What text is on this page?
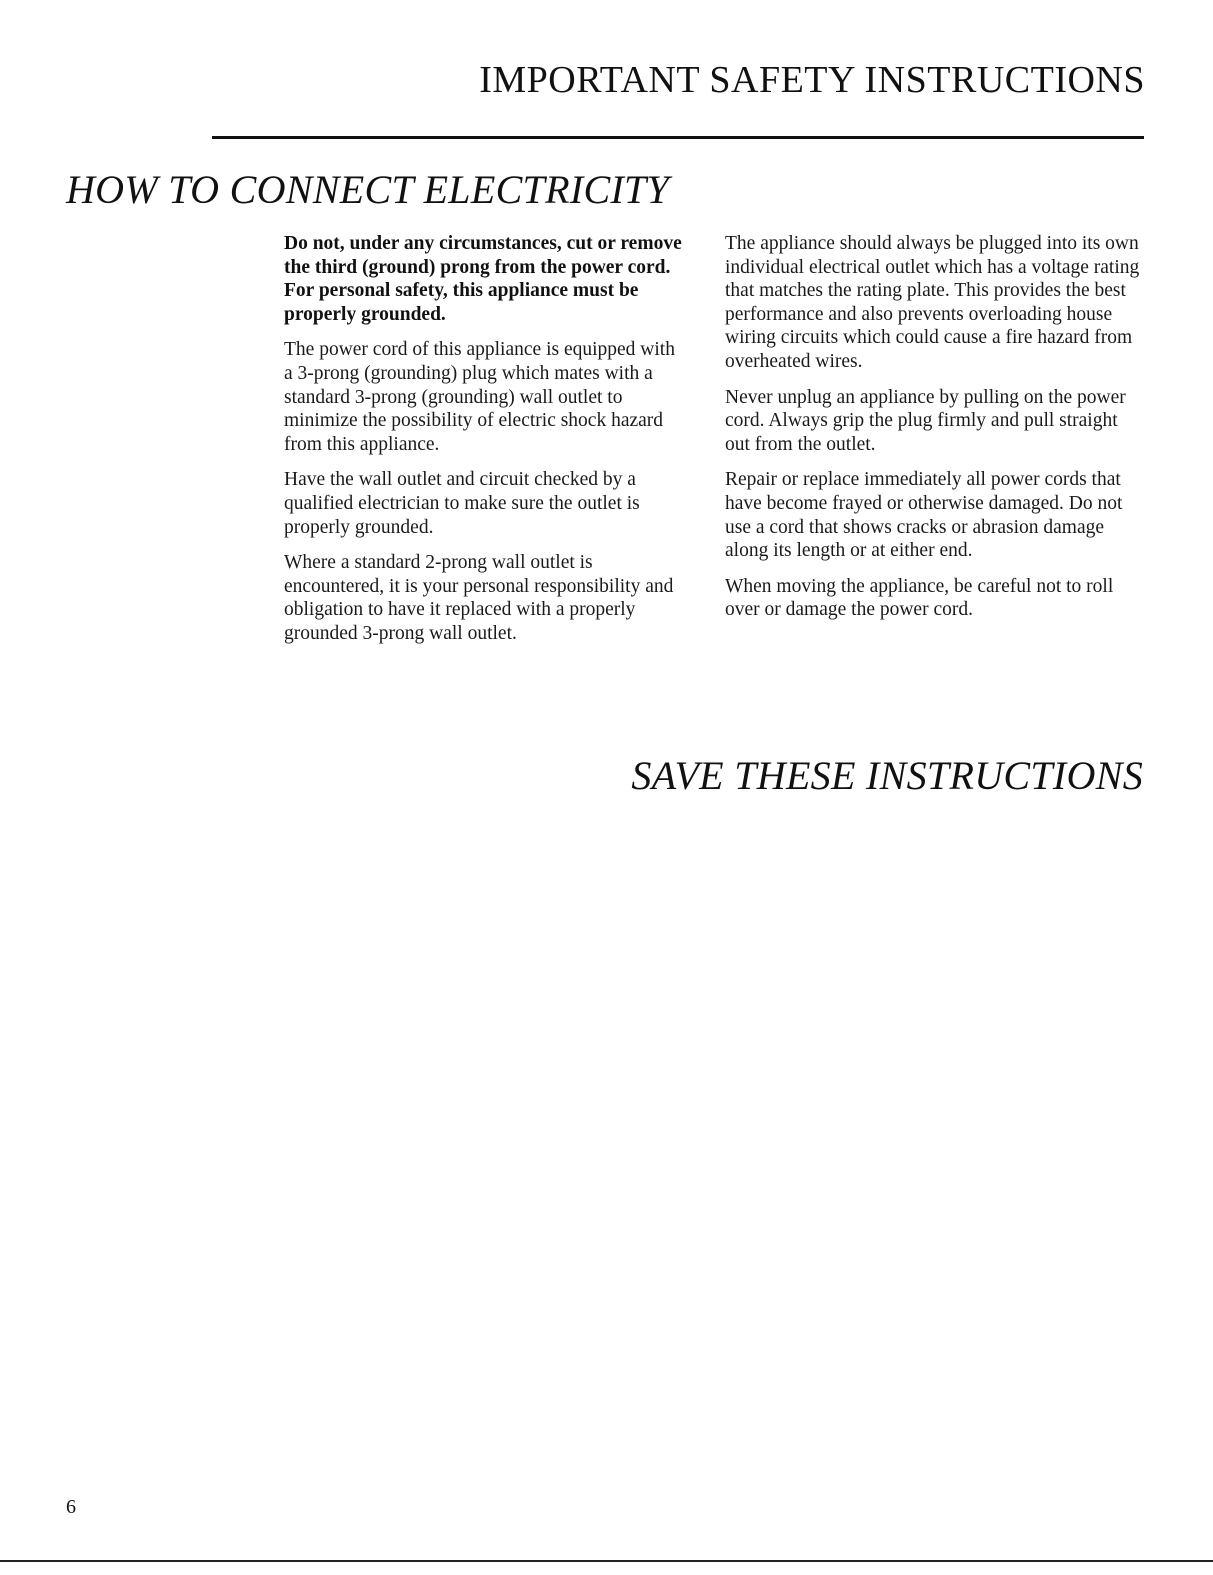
IMPORTANT SAFETY INSTRUCTIONS
HOW TO CONNECT ELECTRICITY

Do not, under any circumstances, cut or remove the third (ground) prong from the power cord. For personal safety, this appliance must be properly grounded.

The power cord of this appliance is equipped with a 3-prong (grounding) plug which mates with a standard 3-prong (grounding) wall outlet to minimize the possibility of electric shock hazard from this appliance.

Have the wall outlet and circuit checked by a qualified electrician to make sure the outlet is properly grounded.

Where a standard 2-prong wall outlet is encountered, it is your personal responsibility and obligation to have it replaced with a properly grounded 3-prong wall outlet.

The appliance should always be plugged into its own individual electrical outlet which has a voltage rating that matches the rating plate. This provides the best performance and also prevents overloading house wiring circuits which could cause a fire hazard from overheated wires.

Never unplug an appliance by pulling on the power cord. Always grip the plug firmly and pull straight out from the outlet.

Repair or replace immediately all power cords that have become frayed or otherwise damaged. Do not use a cord that shows cracks or abrasion damage along its length or at either end.

When moving the appliance, be careful not to roll over or damage the power cord.

SAVE THESE INSTRUCTIONS
6
